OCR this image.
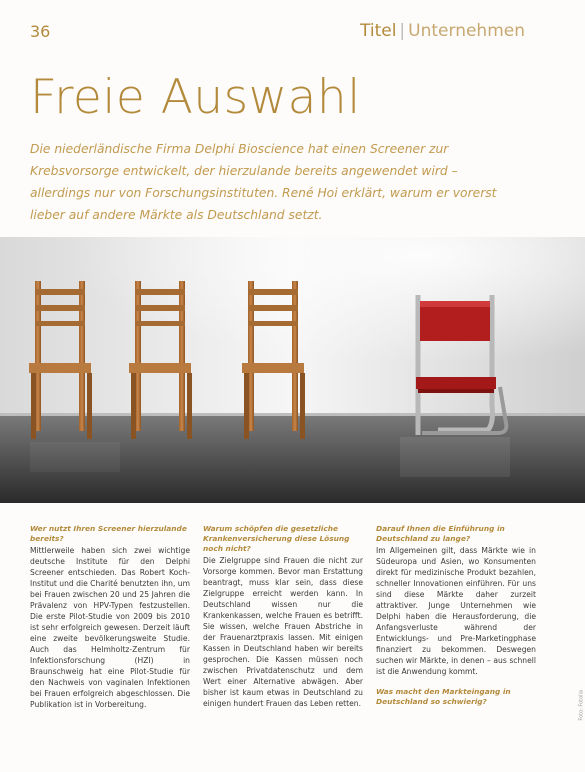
36	Titel | Unternehmen
Freie Auswahl

Die niederländische Firma Delphi Bioscience hat einen Screener zur Krebsvorsorge entwickelt, der hierzulande bereits angewendet wird – allerdings nur von Forschungsinstituten. René Hoi erklärt, warum er vorerst lieber auf andere Märkte als Deutschland setzt.

Wer nutzt Ihren Screener hierzulande bereits?

Mittlerweile haben sich zwei wichtige deutsche Institute für den Delphi Screener entschieden. Das Robert Koch-Institut und die Charité benutzten ihn, um bei Frauen zwischen 20 und 25 Jahren die Prävalenz von HPV-Typen festzustellen. Die erste Pilot-Studie von 2009 bis 2010 ist sehr erfolgreich gewesen. Derzeit läuft eine zweite bevölkerungsweite Studie. Auch das Helmholtz-Zentrum für Infektionsforschung (HZI) in Braunschweig hat eine Pilot-Studie für den Nachweis von vaginalen Infektionen bei Frauen erfolgreich abgeschlossen. Die Publikation ist in Vorbereitung.

Warum schöpfen die gesetzliche Krankenversicherung diese Lösung noch nicht?

Die Zielgruppe sind Frauen die nicht zur Vorsorge kommen. Bevor man Erstattung beantragt, muss klar sein, dass diese Zielgruppe erreicht werden kann. In Deutschland wissen nur die Krankenkassen, welche Frauen es betrifft. Sie wissen, welche Frauen Abstriche in der Frauenarztpraxis lassen. Mit einigen Kassen in Deutschland haben wir bereits gesprochen. Die Kassen müssen noch zwischen Privatdatenschutz und dem Wert einer Alternative abwägen. Aber bisher ist kaum etwas in Deutschland zu einigen hundert Frauen das Leben retten.

Darauf Ihnen die Einführung in Deutschland zu lange?

Im Allgemeinen gilt, dass Märkte wie in Südeuropa und Asien, wo Konsumenten direkt für medizinische Produkt bezahlen, schneller Innovationen einführen. Für uns sind diese Märkte daher zurzeit attraktiver. Junge Unternehmen wie Delphi haben die Herausforderung, die Anfangsverluste während der Entwicklungs- und Pre-Marketingphase finanziert zu bekommen. Deswegen suchen wir Märkte, in denen – aus schnell ist die Anwendung kommt.

Was macht den Markteingang in Deutschland so schwierig?	Foto: Fotolia
